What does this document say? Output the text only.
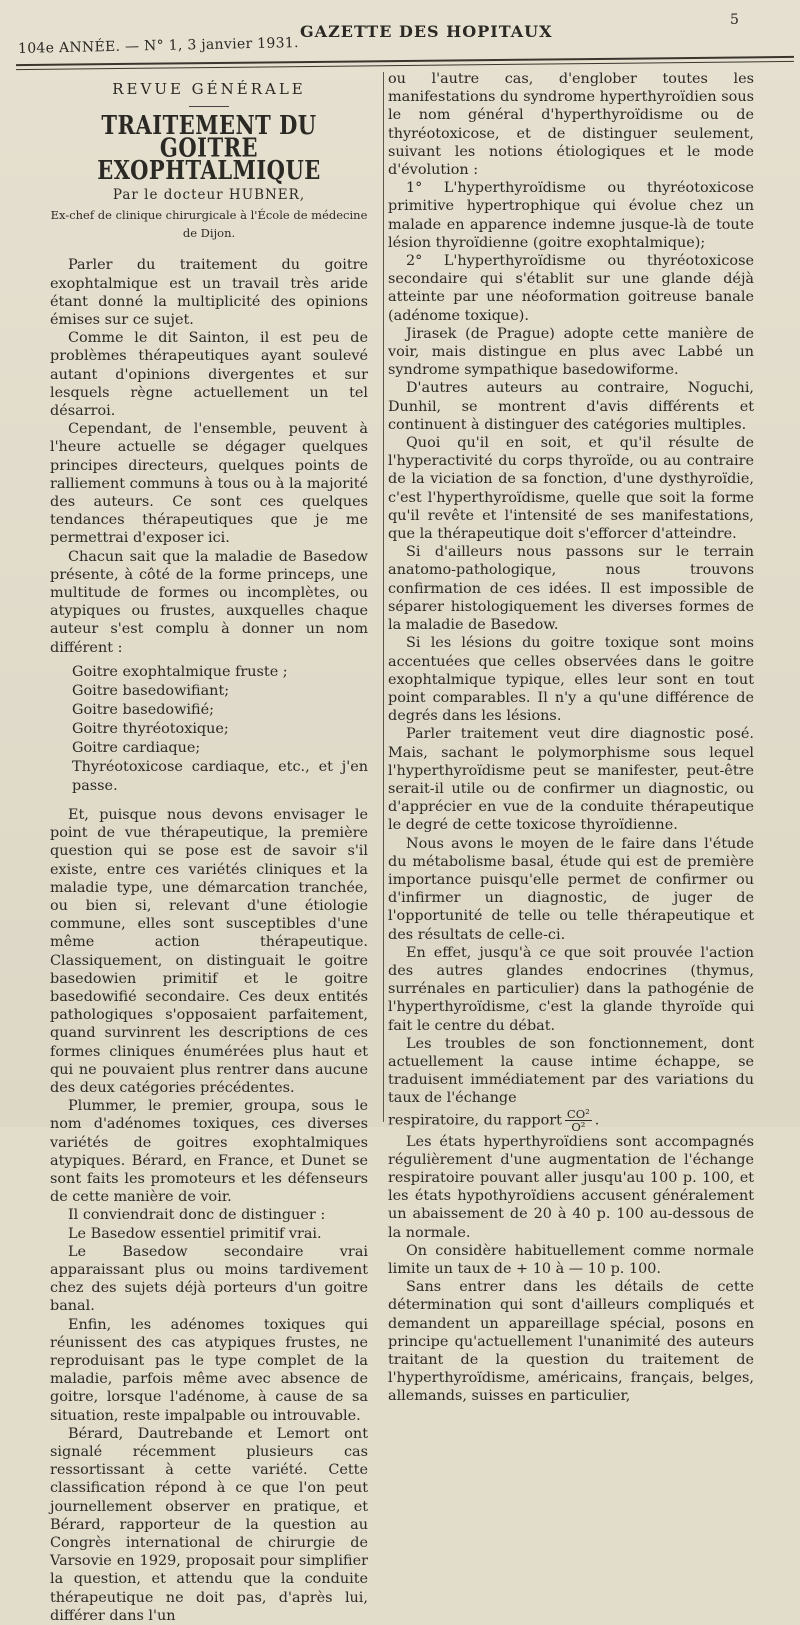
104e ANNÉE. — N° 1, 3 janvier 1931.
GAZETTE DES HOPITAUX
5
REVUE GÉNÉRALE
TRAITEMENT DU GOITRE EXOPHTALMIQUE
Par le docteur HUBNER,
Ex-chef de clinique chirurgicale à l'École de médecine de Dijon.

Parler du traitement du goitre exophtalmique est un travail très aride étant donné la multiplicité des opinions émises sur ce sujet.

Comme le dit Sainton, il est peu de problèmes thérapeutiques ayant soulevé autant d'opinions divergentes et sur lesquels règne actuellement un tel désarroi.

Cependant, de l'ensemble, peuvent à l'heure actuelle se dégager quelques principes directeurs, quelques points de ralliement communs à tous ou à la majorité des auteurs. Ce sont ces quelques tendances thérapeutiques que je me permettrai d'exposer ici.

Chacun sait que la maladie de Basedow présente, à côté de la forme princeps, une multitude de formes ou incomplètes, ou atypiques ou frustes, auxquelles chaque auteur s'est complu à donner un nom différent :

Goitre exophtalmique fruste ;
Goitre basedowifiant;
Goitre basedowifié;
Goitre thyréotoxique;
Goitre cardiaque;
Thyréotoxicose cardiaque, etc., et j'en passe.

Et, puisque nous devons envisager le point de vue thérapeutique, la première question qui se pose est de savoir s'il existe, entre ces variétés cliniques et la maladie type, une démarcation tranchée, ou bien si, relevant d'une étiologie commune, elles sont susceptibles d'une même action thérapeutique. Classiquement, on distinguait le goitre basedowien primitif et le goitre basedowifié secondaire. Ces deux entités pathologiques s'opposaient parfaitement, quand survinrent les descriptions de ces formes cliniques énumérées plus haut et qui ne pouvaient plus rentrer dans aucune des deux catégories précédentes.

Plummer, le premier, groupa, sous le nom d'adénomes toxiques, ces diverses variétés de goitres exophtalmiques atypiques. Bérard, en France, et Dunet se sont faits les promoteurs et les défenseurs de cette manière de voir.

Il conviendrait donc de distinguer :

Le Basedow essentiel primitif vrai.

Le Basedow secondaire vrai apparaissant plus ou moins tardivement chez des sujets déjà porteurs d'un goitre banal.

Enfin, les adénomes toxiques qui réunissent des cas atypiques frustes, ne reproduisant pas le type complet de la maladie, parfois même avec absence de goitre, lorsque l'adénome, à cause de sa situation, reste impalpable ou introuvable.

Bérard, Dautrebande et Lemort ont signalé récemment plusieurs cas ressortissant à cette variété. Cette classification répond à ce que l'on peut journellement observer en pratique, et Bérard, rapporteur de la question au Congrès international de chirurgie de Varsovie en 1929, proposait pour simplifier la question, et attendu que la conduite thérapeutique ne doit pas, d'après lui, différer dans l'un

ou l'autre cas, d'englober toutes les manifestations du syndrome hyperthyroïdien sous le nom général d'hyperthyroïdisme ou de thyréotoxicose, et de distinguer seulement, suivant les notions étiologiques et le mode d'évolution :

1° L'hyperthyroïdisme ou thyréotoxicose primitive hypertrophique qui évolue chez un malade en apparence indemne jusque-là de toute lésion thyroïdienne (goitre exophtalmique);

2° L'hyperthyroïdisme ou thyréotoxicose secondaire qui s'établit sur une glande déjà atteinte par une néoformation goitreuse banale (adénome toxique).

Jirasek (de Prague) adopte cette manière de voir, mais distingue en plus avec Labbé un syndrome sympathique basedowiforme.

D'autres auteurs au contraire, Noguchi, Dunhil, se montrent d'avis différents et continuent à distinguer des catégories multiples.

Quoi qu'il en soit, et qu'il résulte de l'hyperactivité du corps thyroïde, ou au contraire de la viciation de sa fonction, d'une dysthyroïdie, c'est l'hyperthyroïdisme, quelle que soit la forme qu'il revête et l'intensité de ses manifestations, que la thérapeutique doit s'efforcer d'atteindre.

Si d'ailleurs nous passons sur le terrain anatomo-pathologique, nous trouvons confirmation de ces idées. Il est impossible de séparer histologiquement les diverses formes de la maladie de Basedow.

Si les lésions du goitre toxique sont moins accentuées que celles observées dans le goitre exophtalmique typique, elles leur sont en tout point comparables. Il n'y a qu'une différence de degrés dans les lésions.

Parler traitement veut dire diagnostic posé. Mais, sachant le polymorphisme sous lequel l'hyperthyroïdisme peut se manifester, peut-être serait-il utile ou de confirmer un diagnostic, ou d'apprécier en vue de la conduite thérapeutique le degré de cette toxicose thyroïdienne.

Nous avons le moyen de le faire dans l'étude du métabolisme basal, étude qui est de première importance puisqu'elle permet de confirmer ou d'infirmer un diagnostic, de juger de l'opportunité de telle ou telle thérapeutique et des résultats de celle-ci.

En effet, jusqu'à ce que soit prouvée l'action des autres glandes endocrines (thymus, surrénales en particulier) dans la pathogénie de l'hyperthyroïdisme, c'est la glande thyroïde qui fait le centre du débat.

Les troubles de son fonctionnement, dont actuellement la cause intime échappe, se traduisent immédiatement par des variations du taux de l'échange

respiratoire, du rapport $\frac{\text{CO²}}{\text{O²}}$ .

Les états hyperthyroïdiens sont accompagnés régulièrement d'une augmentation de l'échange respiratoire pouvant aller jusqu'au 100 p. 100, et les états hypothyroïdiens accusent généralement un abaissement de 20 à 40 p. 100 au-dessous de la normale.

On considère habituellement comme normale limite un taux de + 10 à — 10 p. 100.

Sans entrer dans les détails de cette détermination qui sont d'ailleurs compliqués et demandent un appareillage spécial, posons en principe qu'actuellement l'unanimité des auteurs traitant de la question du traitement de l'hyperthyroïdisme, américains, français, belges, allemands, suisses en particulier,
